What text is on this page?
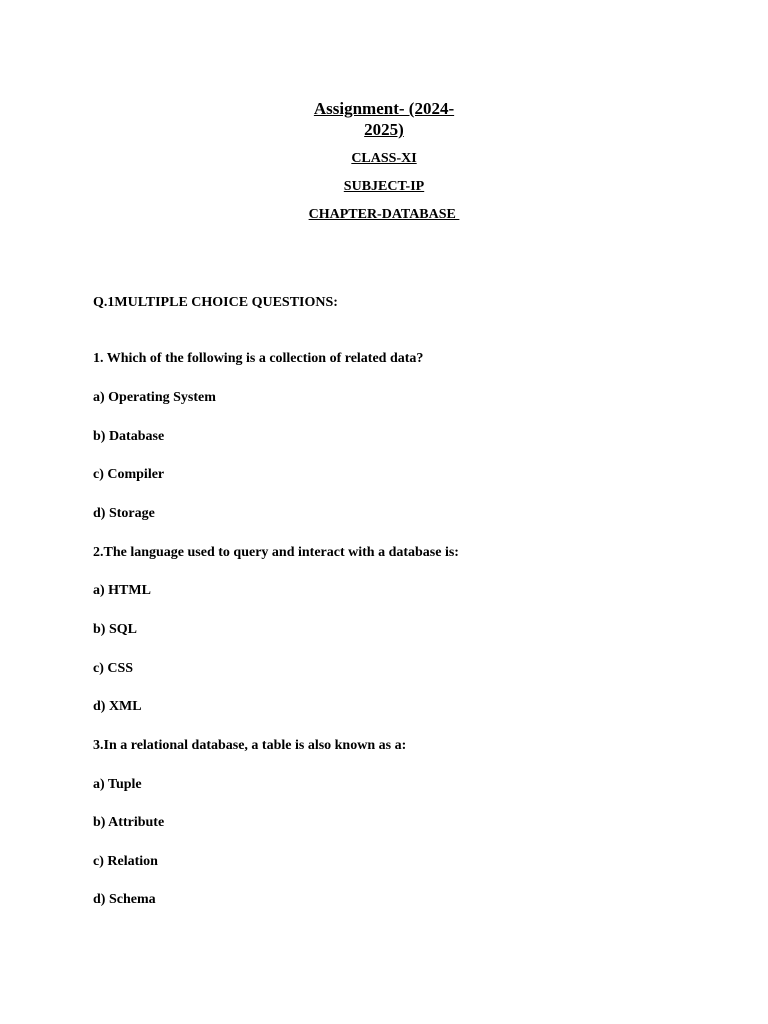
Assignment- (2024-2025)
CLASS-XI
SUBJECT-IP
CHAPTER-DATABASE
Q.1MULTIPLE CHOICE QUESTIONS:
1. Which of the following is a collection of related data?
a) Operating System
b) Database
c) Compiler
d) Storage
2.The language used to query and interact with a database is:
a) HTML
b) SQL
c) CSS
d) XML
3.In a relational database, a table is also known as a:
a) Tuple
b) Attribute
c) Relation
d) Schema
